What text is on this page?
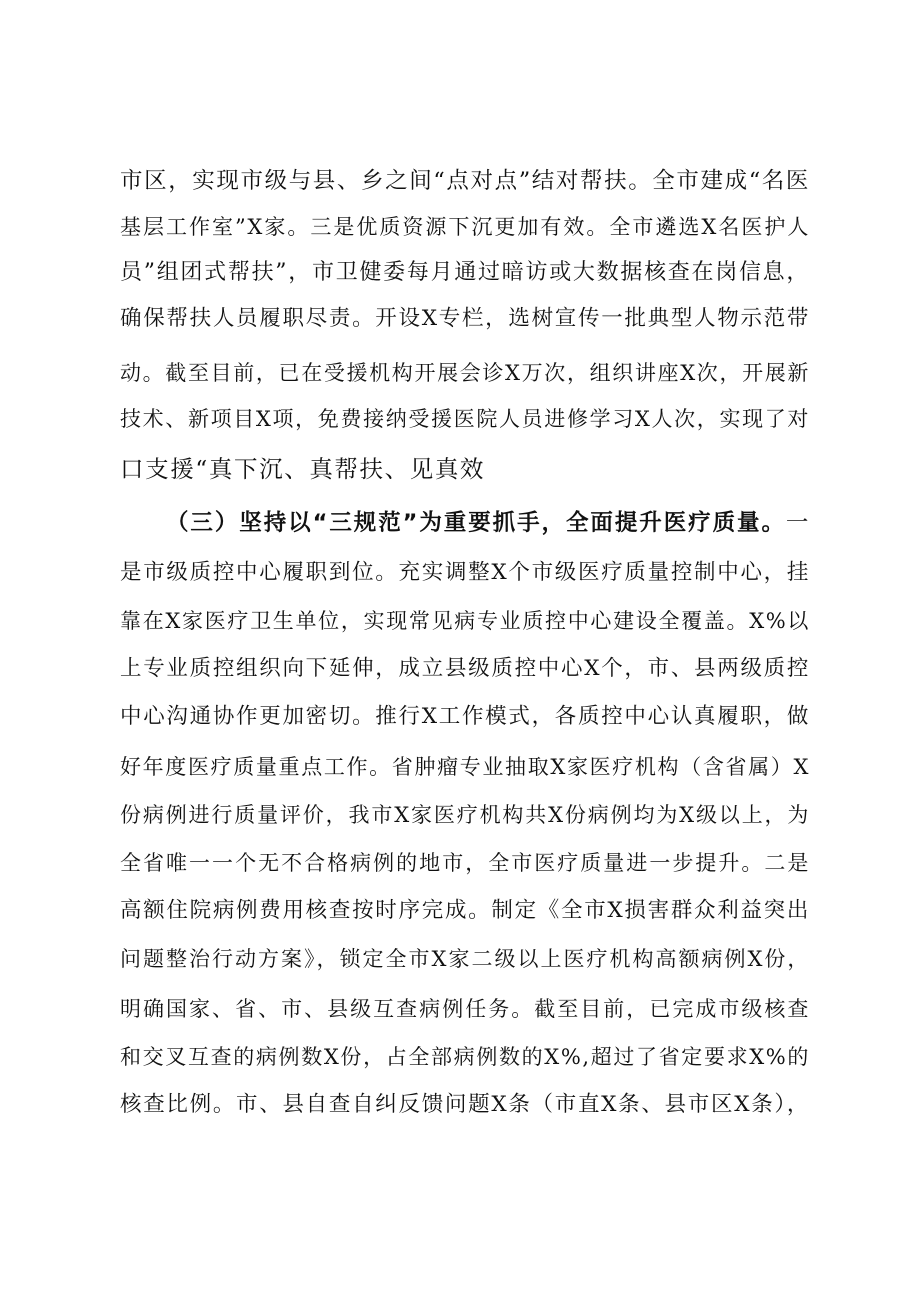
市区，实现市级与县、乡之间“点对点”结对帮扶。全市建成“名医
基层工作室”X家。三是优质资源下沉更加有效。全市遴选X名医护人
员”组团式帮扶”，市卫健委每月通过暗访或大数据核查在岗信息，
确保帮扶人员履职尽责。开设X专栏，选树宣传一批典型人物示范带
动。截至目前，已在受援机构开展会诊X万次，组织讲座X次，开展新
技术、新项目X项，免费接纳受援医院人员进修学习X人次，实现了对
口支援“真下沉、真帮扶、见真效
（三）坚持以“三规范”为重要抓手，全面提升医疗质量。一
是市级质控中心履职到位。充实调整X个市级医疗质量控制中心，挂
靠在X家医疗卫生单位，实现常见病专业质控中心建设全覆盖。X%以
上专业质控组织向下延伸，成立县级质控中心X个，市、县两级质控
中心沟通协作更加密切。推行X工作模式，各质控中心认真履职，做
好年度医疗质量重点工作。省肿瘤专业抽取X家医疗机构（含省属）X
份病例进行质量评价，我市X家医疗机构共X份病例均为X级以上，为
全省唯一一个无不合格病例的地市，全市医疗质量进一步提升。二是
高额住院病例费用核查按时序完成。制定《全市X损害群众利益突出
问题整治行动方案》，锁定全市X家二级以上医疗机构高额病例X份，
明确国家、省、市、县级互查病例任务。截至目前，已完成市级核查
和交叉互查的病例数X份，占全部病例数的X%,超过了省定要求X%的
核查比例。市、县自查自纠反馈问题X条（市直X条、县市区X条），
